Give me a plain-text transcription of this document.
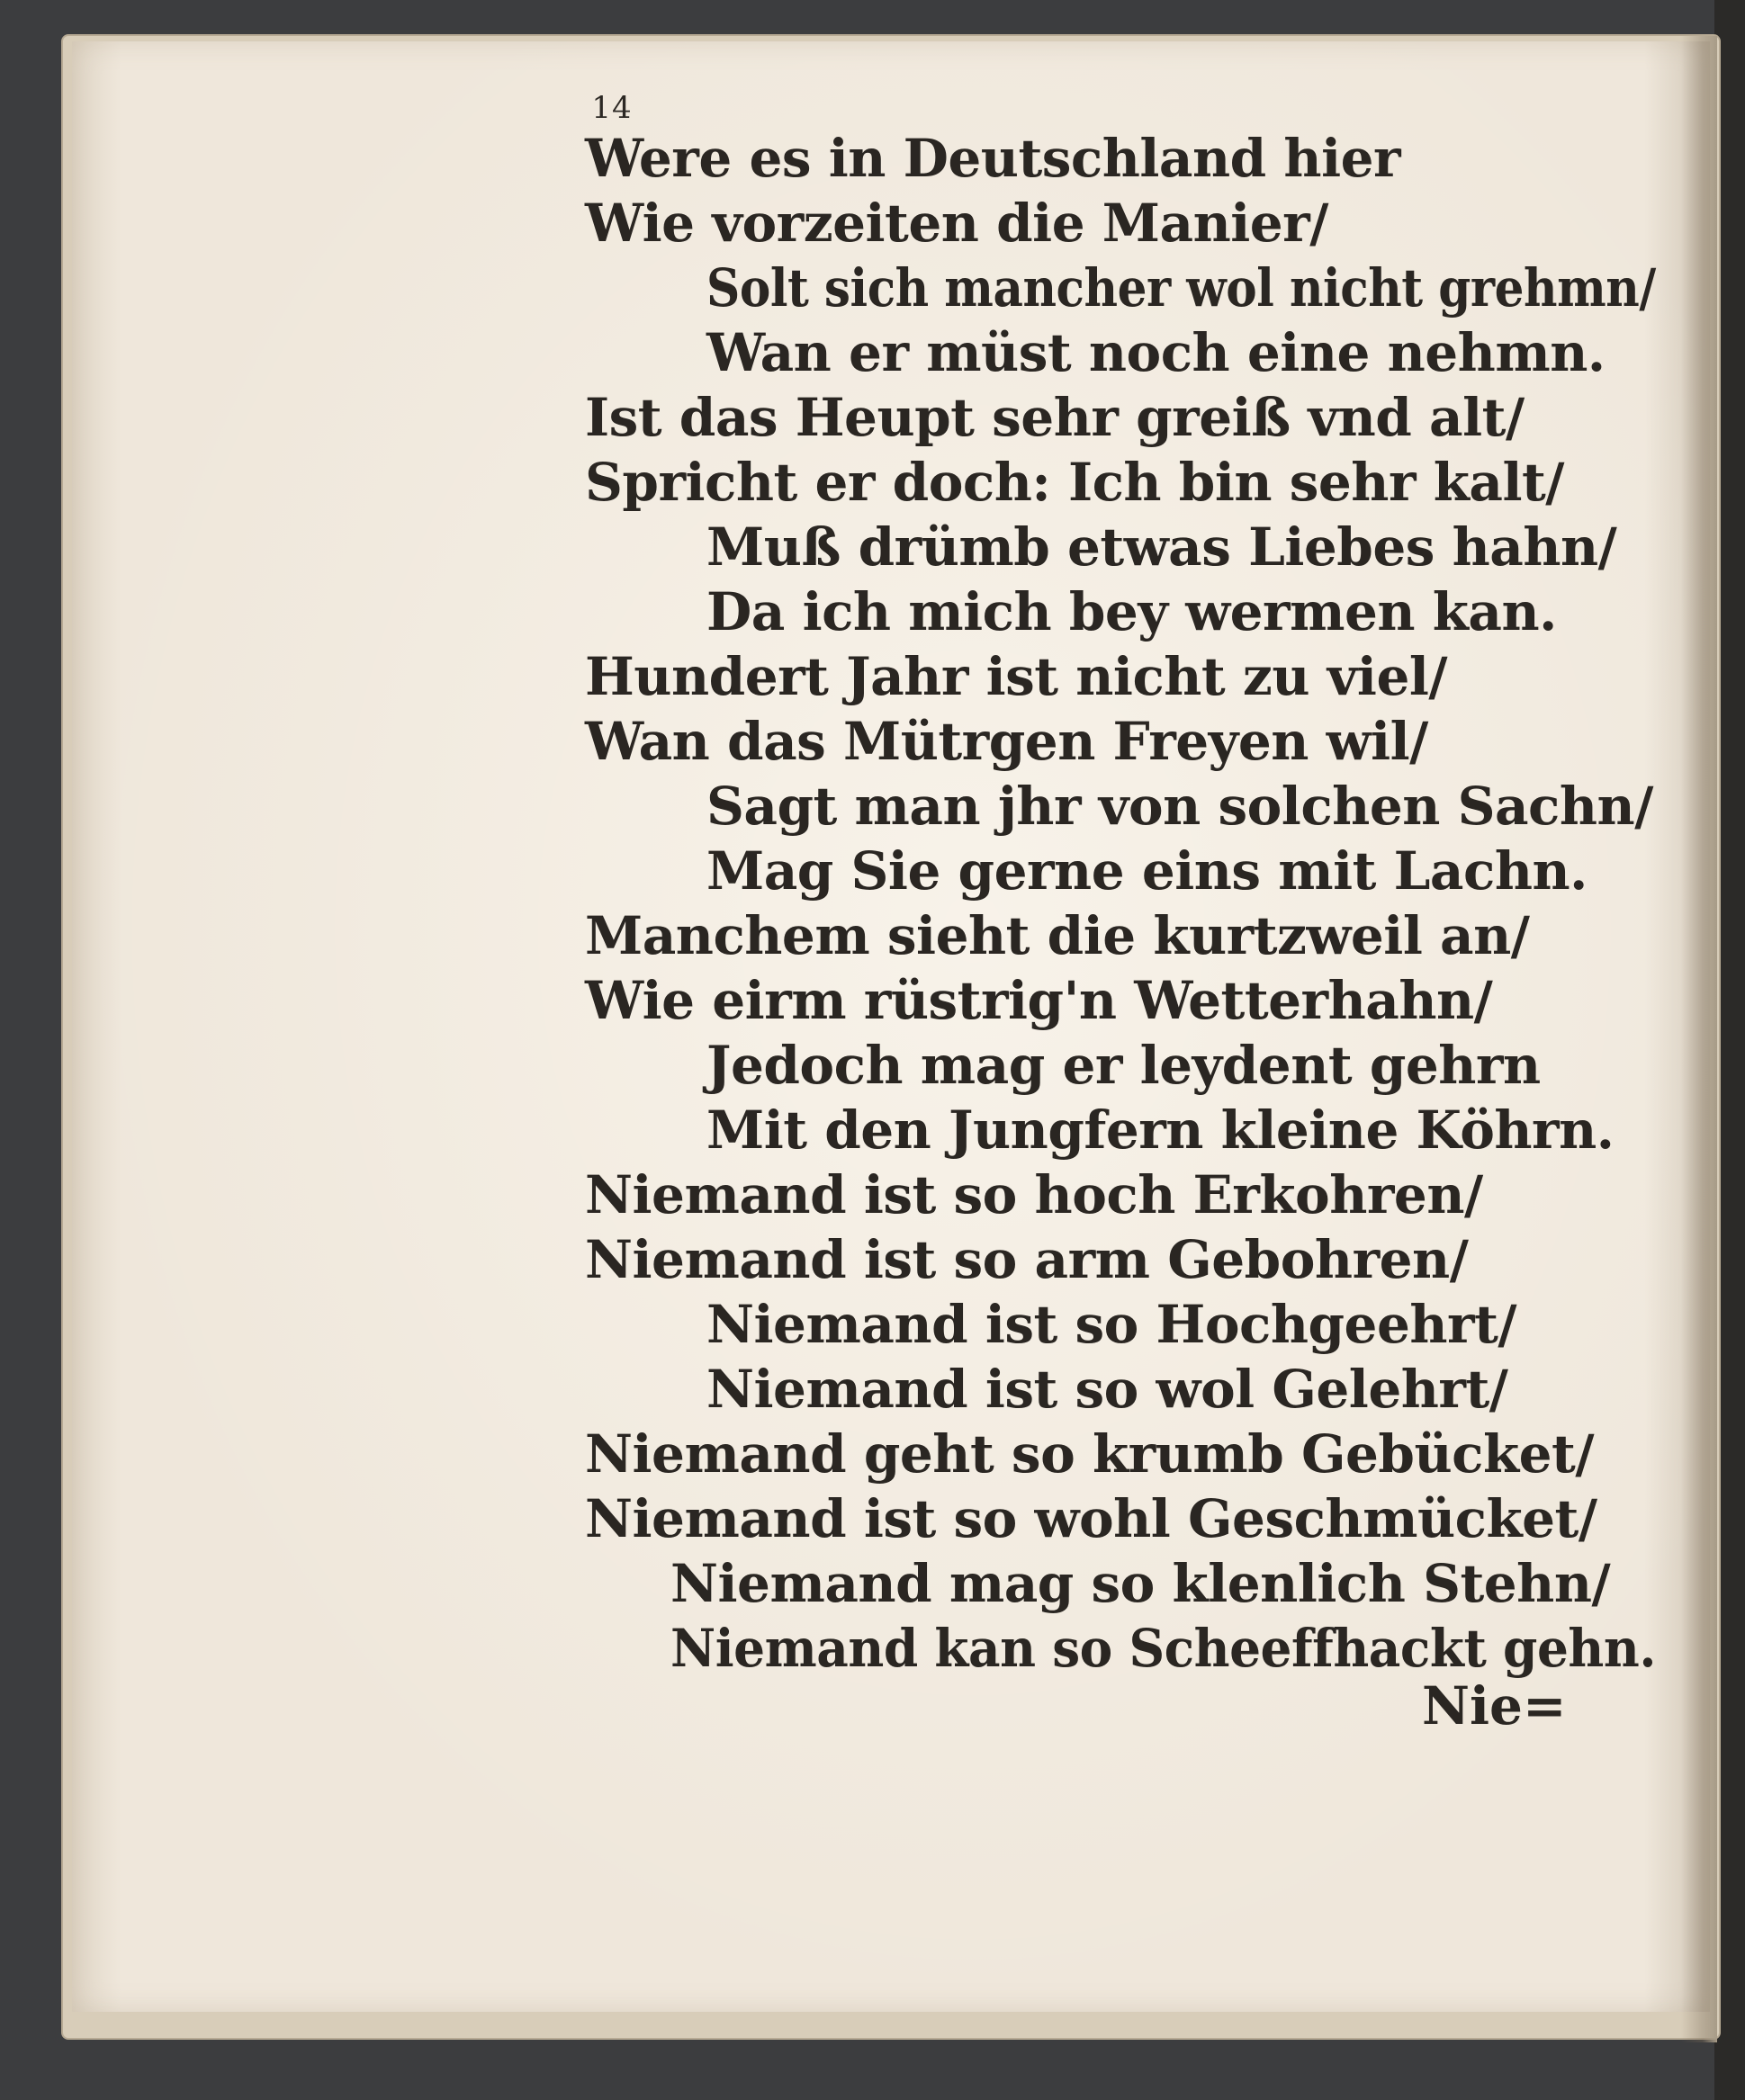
14
Were es in Deutschland hier
Wie vorzeiten die Manier/
Solt sich mancher wol nicht grehmn/
Wan er müst noch eine nehmn.
Ist das Heupt sehr greiß vnd alt/
Spricht er doch: Ich bin sehr kalt/
Muß drümb etwas Liebes hahn/
Da ich mich bey wermen kan.
Hundert Jahr ist nicht zu viel/
Wan das Mütrgen Freyen wil/
Sagt man jhr von solchen Sachn/
Mag Sie gerne eins mit Lachn.
Manchem sieht die kurtzweil an/
Wie eirm rüstrig'n Wetterhahn/
Jedoch mag er leydent gehrn
Mit den Jungfern kleine Köhrn.
Niemand ist so hoch Erkohren/
Niemand ist so arm Gebohren/
Niemand ist so Hochgeehrt/
Niemand ist so wol Gelehrt/
Niemand geht so krumb Gebücket/
Niemand ist so wohl Geschmücket/
Niemand mag so klenlich Stehn/
Niemand kan so Scheeffhackt gehn.
Nie=
